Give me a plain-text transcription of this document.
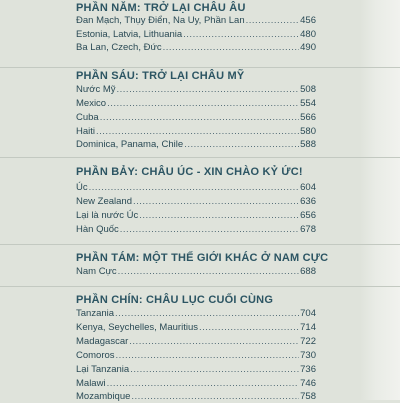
PHẦN NĂM: TRỞ LẠI CHÂU ÂU
Đan Mạch, Thụy Điển, Na Uy, Phần Lan .....	456
Estonia, Latvia, Lithuania .....	480
Ba Lan, Czech, Đức .....	490
PHẦN SÁU: TRỞ LẠI CHÂU MỸ
Nước Mỹ .....	508
Mexico .....	554
Cuba .....	566
Haiti .....	580
Dominica, Panama, Chile .....	588
PHẦN BẢY: CHÂU ÚC - XIN CHÀO KỶ ỨC!
Úc .....	604
New Zealand .....	636
Lại là nước Úc .....	656
Hàn Quốc .....	678
PHẦN TÁM: MỘT THẾ GIỚI KHÁC Ở NAM CỰC
Nam Cực .....	688
PHẦN CHÍN: CHÂU LỤC CUỐI CÙNG
Tanzania .....	704
Kenya, Seychelles, Mauritius .....	714
Madagascar .....	722
Comoros .....	730
Lại Tanzania .....	736
Malawi .....	746
Mozambique .....	758
